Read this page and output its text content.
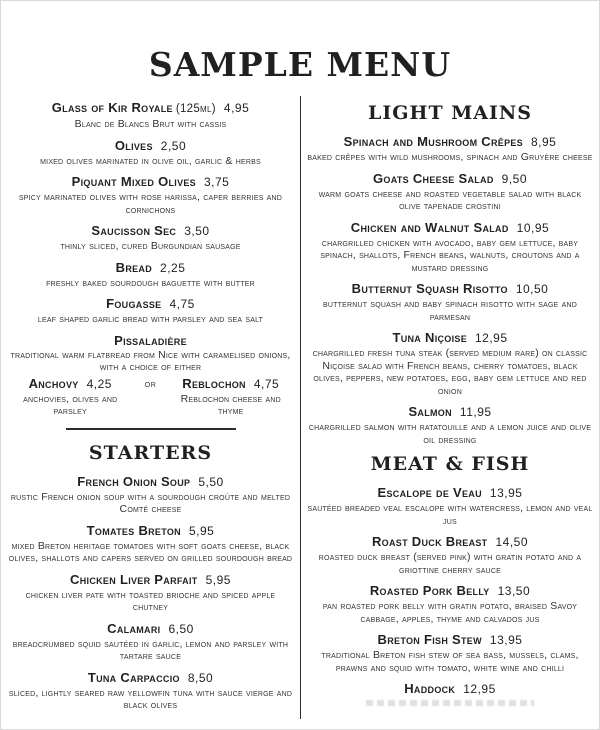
SAMPLE MENU
Glass of Kir Royale (125ml) 4,95
Blanc de Blancs Brut with cassis
Olives 2,50
mixed olives marinated in olive oil, garlic & herbs
Piquant Mixed Olives 3,75
spicy marinated olives with rose harissa, caper berries and cornichons
Saucisson Sec 3,50
thinly sliced, cured Burgundian sausage
Bread 2,25
freshly baked sourdough baguette with butter
Fougasse 4,75
leaf shaped garlic bread with parsley and sea salt
Pissaladière
traditional warm flatbread from Nice with caramelised onions, with a choice of either
Anchovy 4,25
anchovies, olives and parsley
or	Reblochon 4,75
Reblochon cheese and thyme
STARTERS
French Onion Soup 5,50
rustic French onion soup with a sourdough croûte and melted Comté cheese
Tomates Breton 5,95
mixed Breton heritage tomatoes with soft goats cheese, black olives, shallots and capers served on grilled sourdough bread
Chicken Liver Parfait 5,95
chicken liver pate with toasted brioche and spiced apple chutney
Calamari 6,50
breadcrumbed squid sautéed in garlic, lemon and parsley with tartare sauce
Tuna Carpaccio 8,50
sliced, lightly seared raw yellowfin tuna with sauce vierge and black olives
LIGHT MAINS
Spinach and Mushroom Crêpes 8,95
baked crêpes with wild mushrooms, spinach and Gruyère cheese
Goats Cheese Salad 9,50
warm goats cheese and roasted vegetable salad with black olive tapenade crostini
Chicken and Walnut Salad 10,95
chargrilled chicken with avocado, baby gem lettuce, baby spinach, shallots, French beans, walnuts, croutons and a mustard dressing
Butternut Squash Risotto 10,50
butternut squash and baby spinach risotto with sage and parmesan
Tuna Niçoise 12,95
chargrilled fresh tuna steak (served medium rare) on classic Niçoise salad with French beans, cherry tomatoes, black olives, peppers, new potatoes, egg, baby gem lettuce and red onion
Salmon 11,95
chargrilled salmon with ratatouille and a lemon juice and olive oil dressing
MEAT & FISH
Escalope de Veau 13,95
sautéed breaded veal escalope with watercress, lemon and veal jus
Roast Duck Breast 14,50
roasted duck breast (served pink) with gratin potato and a griottine cherry sauce
Roasted Pork Belly 13,50
pan roasted pork belly with gratin potato, braised Savoy cabbage, apples, thyme and calvados jus
Breton Fish Stew 13,95
traditional Breton fish stew of sea bass, mussels, clams, prawns and squid with tomato, white wine and chilli
Haddock 12,95
